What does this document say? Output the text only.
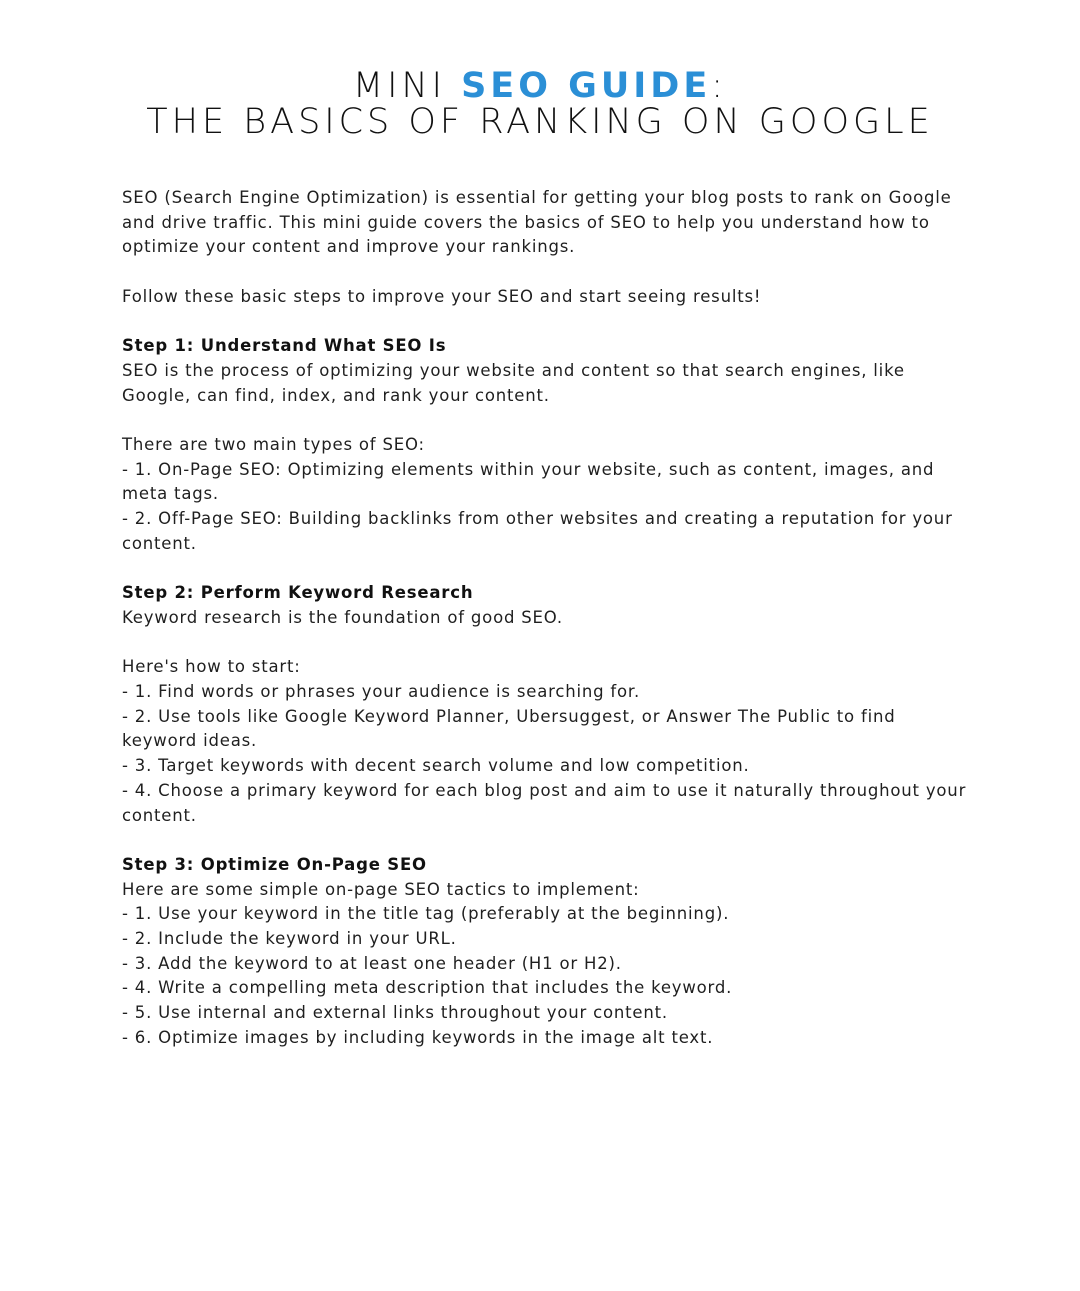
MINI SEO GUIDE:
THE BASICS OF RANKING ON GOOGLE

SEO (Search Engine Optimization) is essential for getting your blog posts to rank on Google and drive traffic. This mini guide covers the basics of SEO to help you understand how to optimize your content and improve your rankings.

Follow these basic steps to improve your SEO and start seeing results!

Step 1: Understand What SEO Is

SEO is the process of optimizing your website and content so that search engines, like Google, can find, index, and rank your content.

There are two main types of SEO:

- 1. On-Page SEO: Optimizing elements within your website, such as content, images, and meta tags.
- 2. Off-Page SEO: Building backlinks from other websites and creating a reputation for your content.

Step 2: Perform Keyword Research

Keyword research is the foundation of good SEO.

Here's how to start:

- 1. Find words or phrases your audience is searching for.
- 2. Use tools like Google Keyword Planner, Ubersuggest, or Answer The Public to find keyword ideas.
- 3. Target keywords with decent search volume and low competition.
- 4. Choose a primary keyword for each blog post and aim to use it naturally throughout your content.

Step 3: Optimize On-Page SEO

Here are some simple on-page SEO tactics to implement:

- 1. Use your keyword in the title tag (preferably at the beginning).
- 2. Include the keyword in your URL.
- 3. Add the keyword to at least one header (H1 or H2).
- 4. Write a compelling meta description that includes the keyword.
- 5. Use internal and external links throughout your content.
- 6. Optimize images by including keywords in the image alt text.
